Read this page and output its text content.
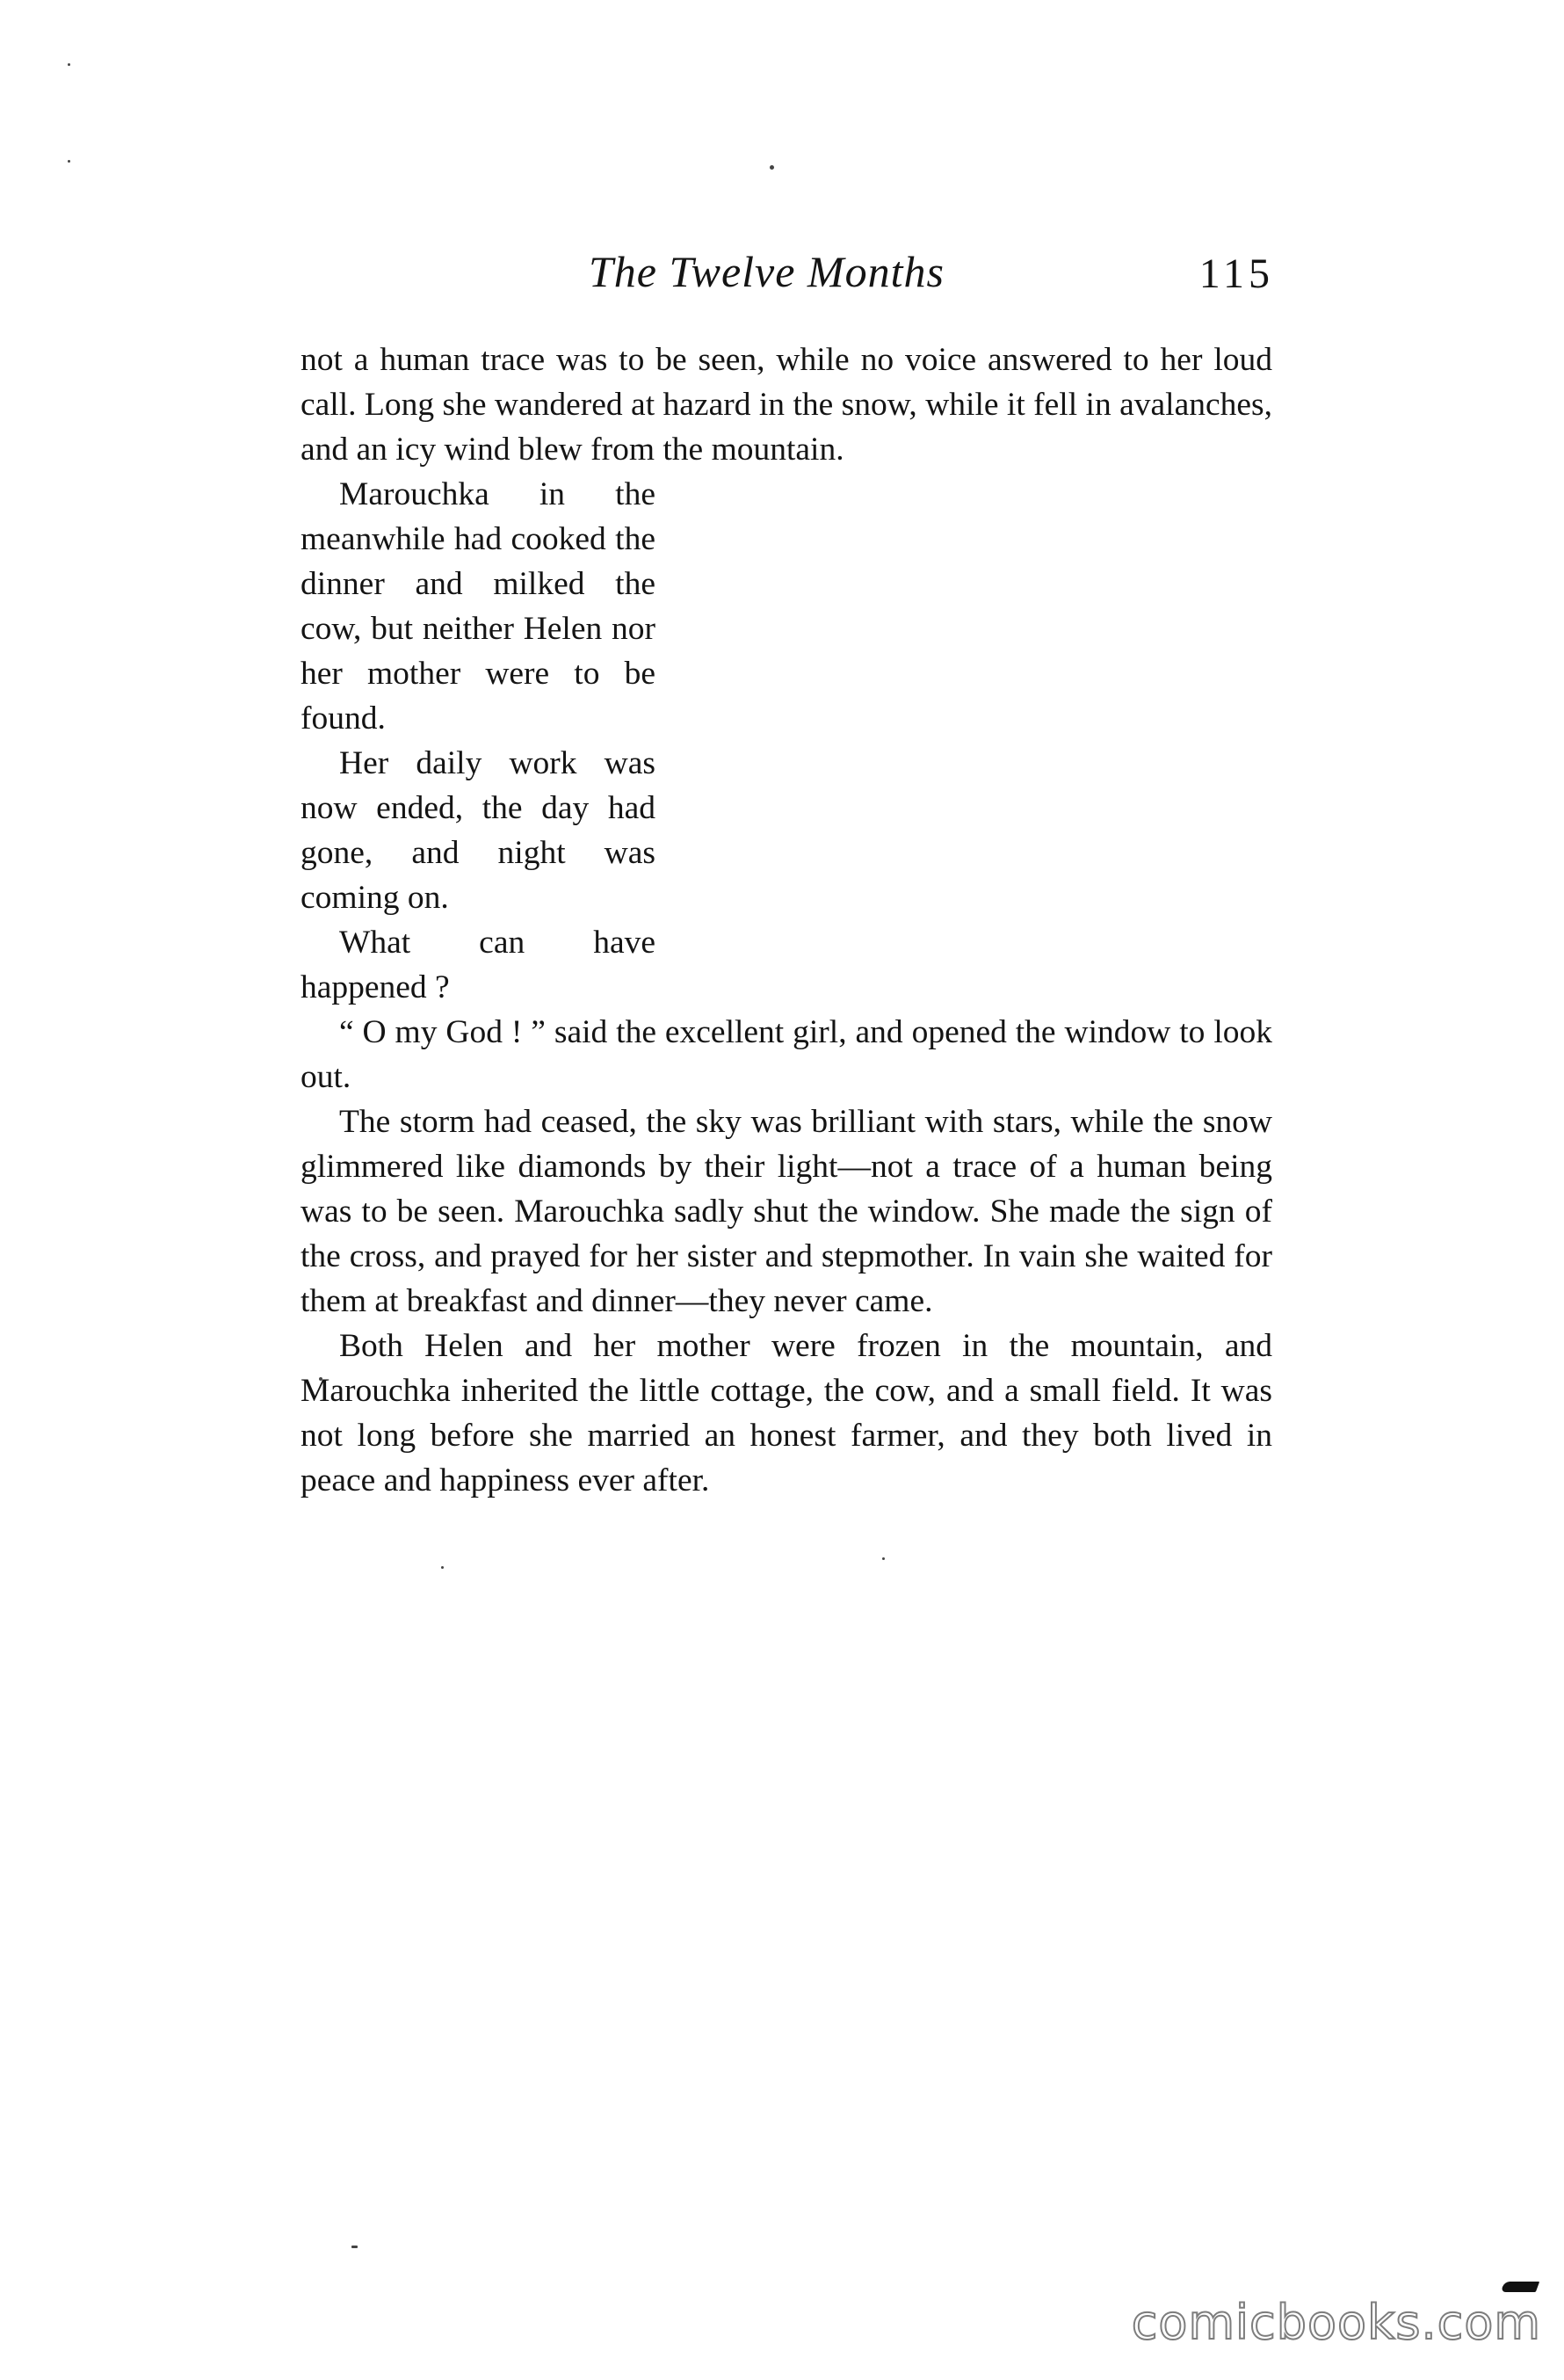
The Twelve Months	115

not a human trace was to be seen, while no voice answered to her loud call. Long she wandered at hazard in the snow, while it fell in avalanches, and an icy wind blew from the mountain.

Marouchka in the meanwhile had cooked the dinner and milked the cow, but neither Helen nor her mother were to be found.

Her daily work was now ended, the day had gone, and night was coming on.

What can have happened ?

“ O my God ! ” said the excellent girl, and opened the window to look out.

The storm had ceased, the sky was brilliant with stars, while the snow glimmered like diamonds by their light—not a trace of a human being was to be seen. Marouchka sadly shut the window. She made the sign of the cross, and prayed for her sister and stepmother. In vain she waited for them at breakfast and dinner—they never came.

Both Helen and her mother were frozen in the mountain, and Marouchka inherited the little cottage, the cow, and a small field. It was not long before she married an honest farmer, and they both lived in peace and happiness ever after.

comicbooks.com
